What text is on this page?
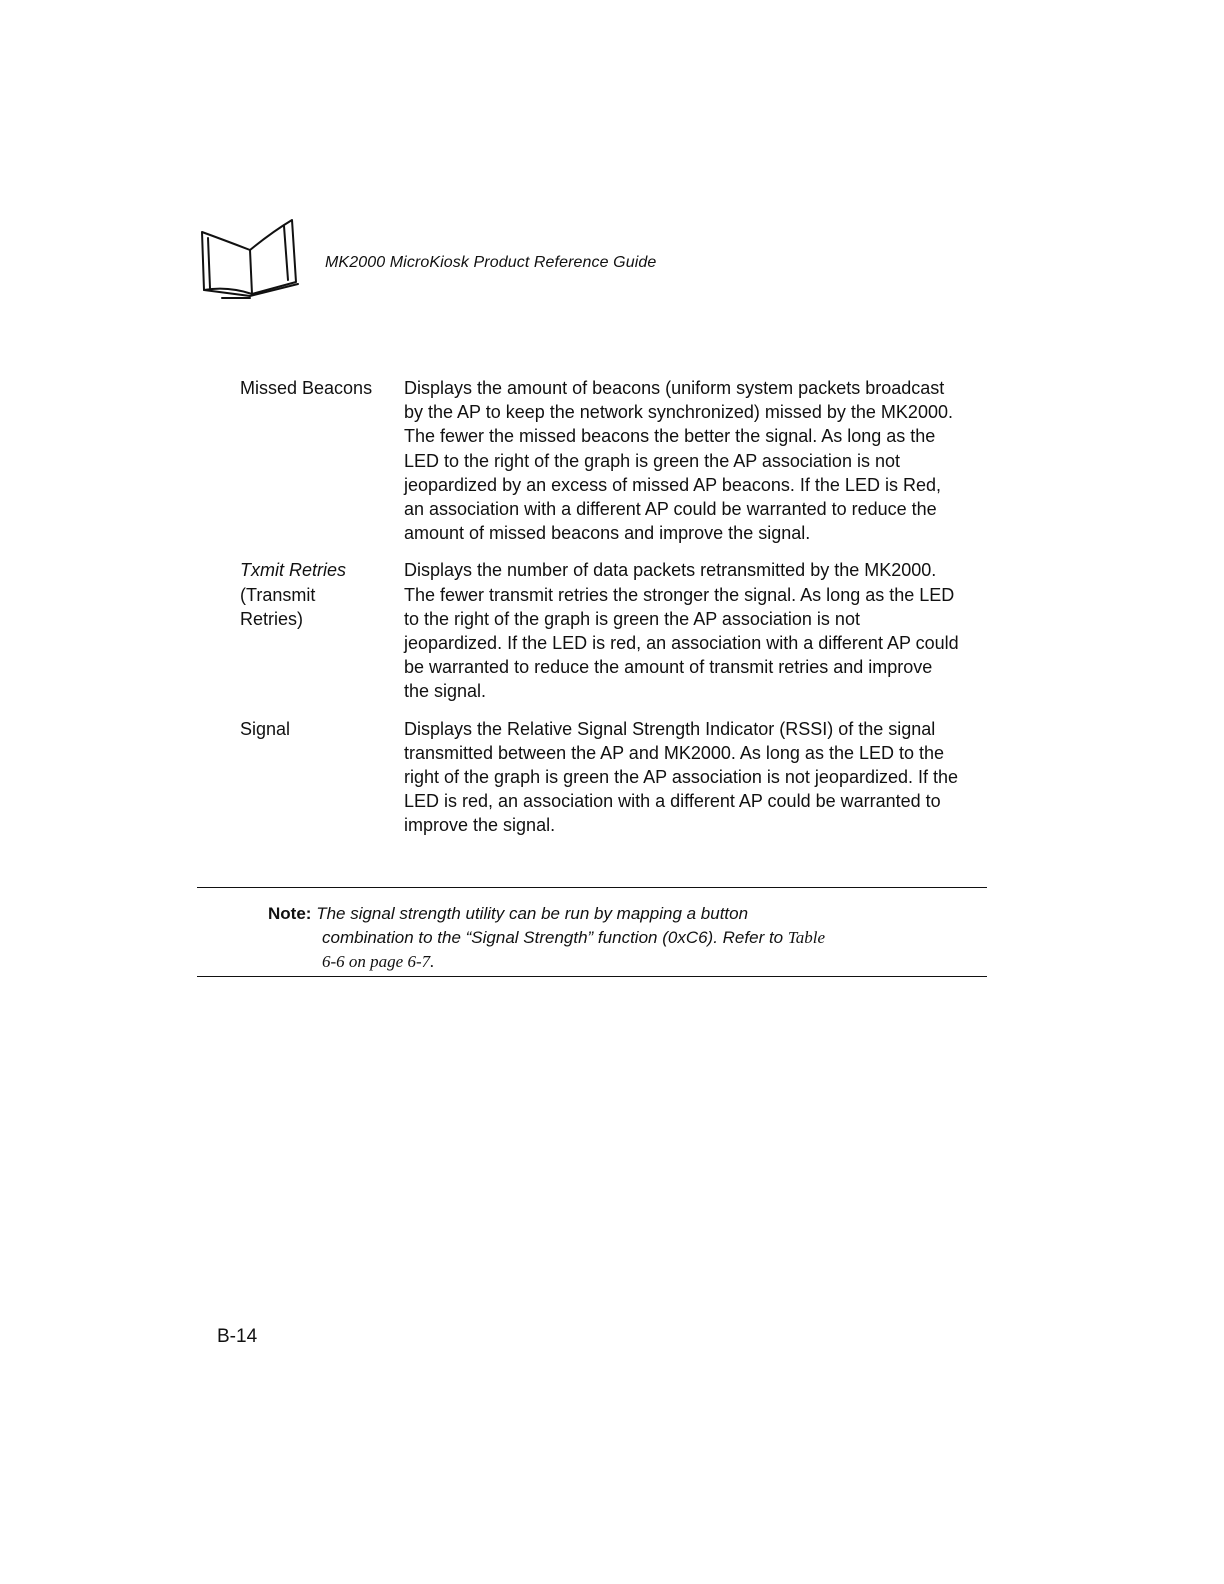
MK2000 MicroKiosk Product Reference Guide
Missed Beacons	Displays the amount of beacons (uniform system packets broadcast by the AP to keep the network synchronized) missed by the MK2000. The fewer the missed beacons the better the signal. As long as the LED to the right of the graph is green the AP association is not jeopardized by an excess of missed AP beacons. If the LED is Red, an association with a different AP could be warranted to reduce the amount of missed beacons and improve the signal.
Txmit Retries
(Transmit Retries)
Displays the number of data packets retransmitted by the MK2000. The fewer transmit retries the stronger the signal. As long as the LED to the right of the graph is green the AP association is not jeopardized. If the LED is red, an association with a different AP could be warranted to reduce the amount of transmit retries and improve the signal.
Signal	Displays the Relative Signal Strength Indicator (RSSI) of the signal transmitted between the AP and MK2000. As long as the LED to the right of the graph is green the AP association is not jeopardized. If the LED is red, an association with a different AP could be warranted to improve the signal.
Note: The signal strength utility can be run by mapping a button
combination to the “Signal Strength” function (0xC6). Refer to Table
6-6 on page 6-7.
B-14
